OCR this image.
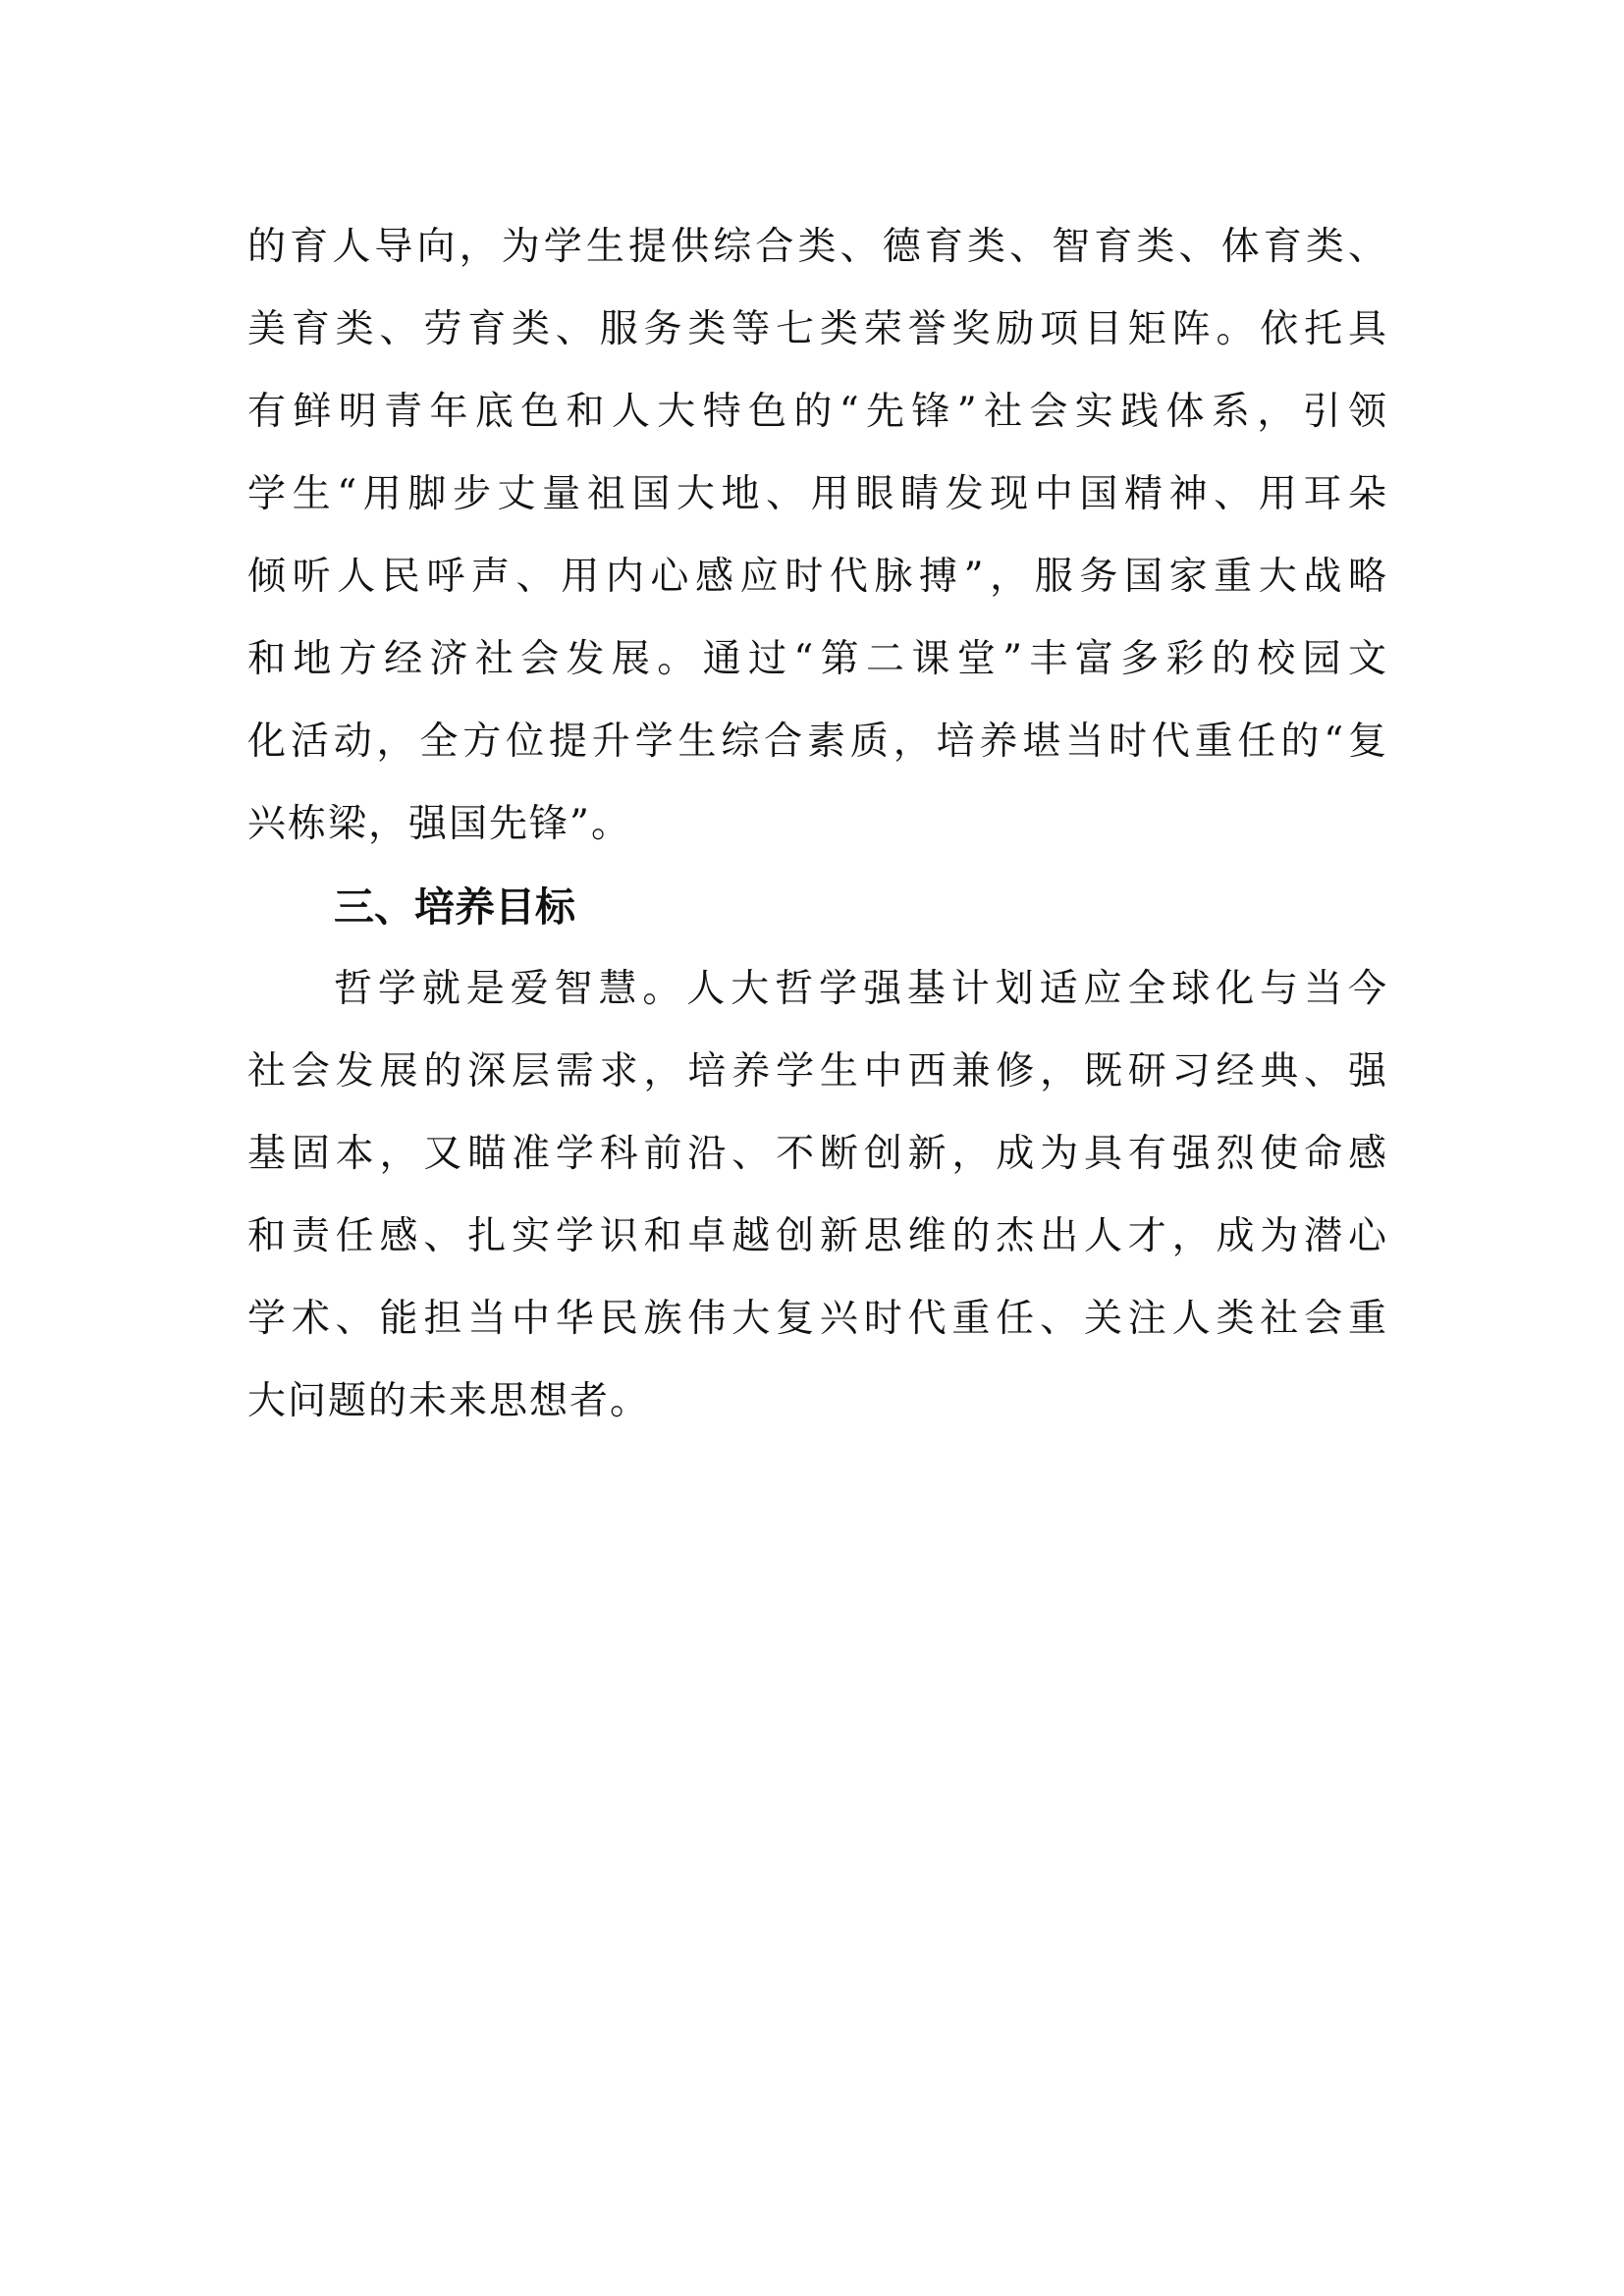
的育人导向，为学生提供综合类、德育类、智育类、体育类、
美育类、劳育类、服务类等七类荣誉奖励项目矩阵。依托具
有鲜明青年底色和人大特色的“先锋”社会实践体系，引领
学生“用脚步丈量祖国大地、用眼睛发现中国精神、用耳朵
倾听人民呼声、用内心感应时代脉搏”，服务国家重大战略
和地方经济社会发展。通过“第二课堂”丰富多彩的校园文
化活动，全方位提升学生综合素质，培养堪当时代重任的“复
兴栋梁，强国先锋”。
三、培养目标
哲学就是爱智慧。人大哲学强基计划适应全球化与当今
社会发展的深层需求，培养学生中西兼修，既研习经典、强
基固本，又瞄准学科前沿、不断创新，成为具有强烈使命感
和责任感、扎实学识和卓越创新思维的杰出人才，成为潜心
学术、能担当中华民族伟大复兴时代重任、关注人类社会重
大问题的未来思想者。
